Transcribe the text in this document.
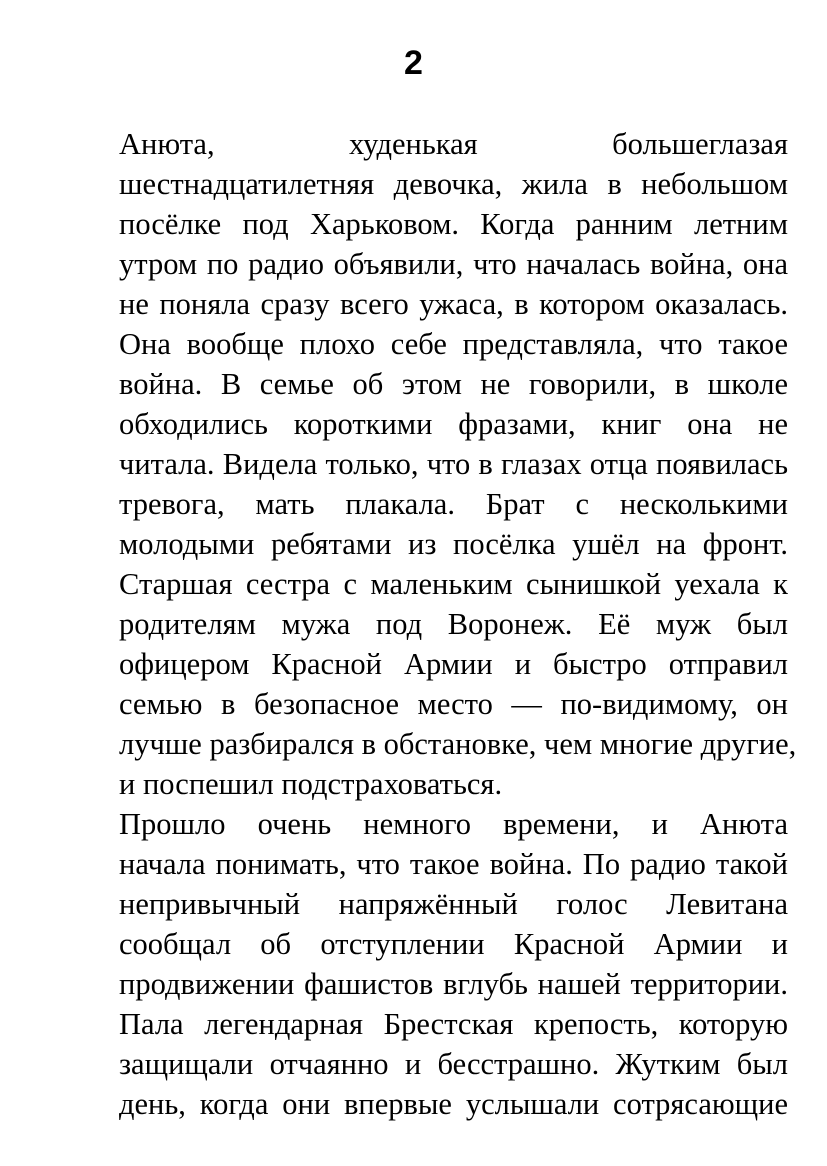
2

Анюта, худенькая большеглазая
шестнадцатилетняя девочка, жила в небольшом
посёлке под Харьковом. Когда ранним летним
утром по радио объявили, что началась война, она
не поняла сразу всего ужаса, в котором оказалась.
Она вообще плохо себе представляла, что такое
война. В семье об этом не говорили, в школе
обходились короткими фразами, книг она не
читала. Видела только, что в глазах отца появилась
тревога, мать плакала. Брат с несколькими
молодыми ребятами из посёлка ушёл на фронт.
Старшая сестра с маленьким сынишкой уехала к
родителям мужа под Воронеж. Её муж был
офицером Красной Армии и быстро отправил
семью в безопасное место — по-видимому, он
лучше разбирался в обстановке, чем многие другие,
и поспешил подстраховаться.

Прошло очень немного времени, и Анюта
начала понимать, что такое война. По радио такой
непривычный напряжённый голос Левитана
сообщал об отступлении Красной Армии и
продвижении фашистов вглубь нашей территории.
Пала легендарная Брестская крепость, которую
защищали отчаянно и бесстрашно. Жутким был
день, когда они впервые услышали сотрясающие
